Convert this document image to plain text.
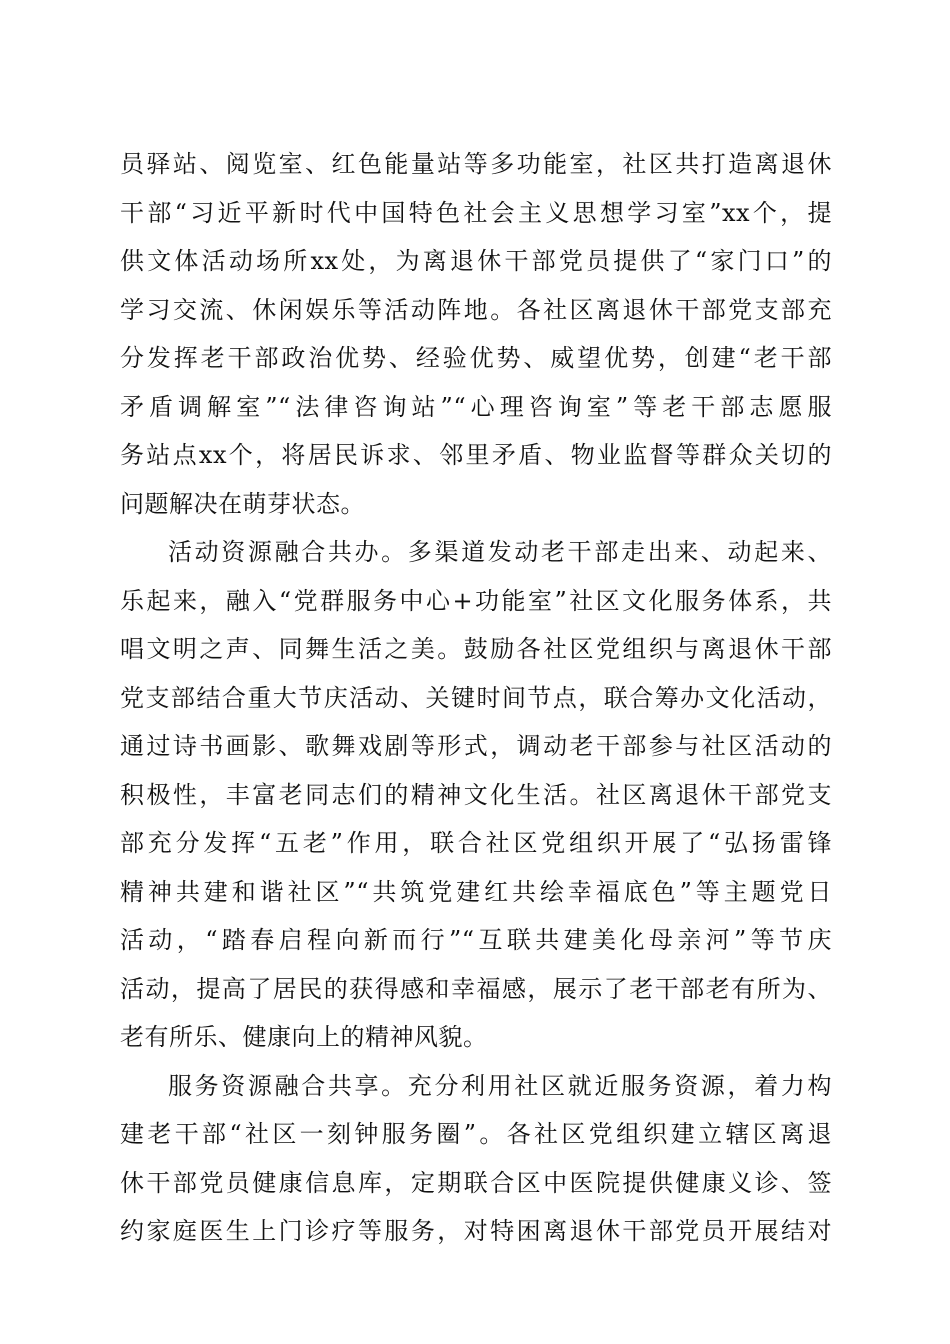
员驿站、阅览室、红色能量站等多功能室，社区共打造离退休
干部“习近平新时代中国特色社会主义思想学习室”xx个，提
供文体活动场所xx处，为离退休干部党员提供了“家门口”的
学习交流、休闲娱乐等活动阵地。各社区离退休干部党支部充
分发挥老干部政治优势、经验优势、威望优势，创建“老干部
矛盾调解室”“法律咨询站”“心理咨询室”等老干部志愿服
务站点xx个，将居民诉求、邻里矛盾、物业监督等群众关切的
问题解决在萌芽状态。
活动资源融合共办。多渠道发动老干部走出来、动起来、
乐起来，融入“党群服务中心+功能室”社区文化服务体系，共
唱文明之声、同舞生活之美。鼓励各社区党组织与离退休干部
党支部结合重大节庆活动、关键时间节点，联合筹办文化活动，
通过诗书画影、歌舞戏剧等形式，调动老干部参与社区活动的
积极性，丰富老同志们的精神文化生活。社区离退休干部党支
部充分发挥“五老”作用，联合社区党组织开展了“弘扬雷锋
精神共建和谐社区”“共筑党建红共绘幸福底色”等主题党日
活动，“踏春启程向新而行”“互联共建美化母亲河”等节庆
活动，提高了居民的获得感和幸福感，展示了老干部老有所为、
老有所乐、健康向上的精神风貌。
服务资源融合共享。充分利用社区就近服务资源，着力构
建老干部“社区一刻钟服务圈”。各社区党组织建立辖区离退
休干部党员健康信息库，定期联合区中医院提供健康义诊、签
约家庭医生上门诊疗等服务，对特困离退休干部党员开展结对
